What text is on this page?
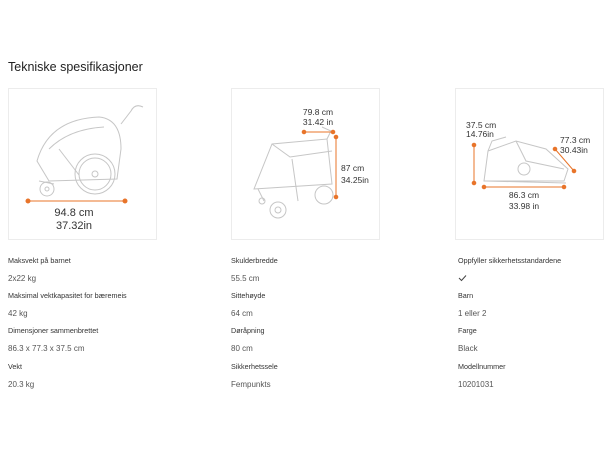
Tekniske spesifikasjoner
94.8 cm
37.32in
79.8 cm
31.42 in
87 cm
34.25in
37.5 cm
14.76in
77.3 cm
30.43in
86.3 cm
33.98 in
Maksvekt på barnet
2x22 kg
Maksimal vektkapasitet for bæremeis
42 kg
Dimensjoner sammenbrettet
86.3 x 77.3 x 37.5 cm
Vekt
20.3 kg
Skulderbredde
55.5 cm
Sittehøyde
64 cm
Døråpning
80 cm
Sikkerhetssele
Fempunkts
Oppfyller sikkerhetsstandardene
Barn
1 eller 2
Farge
Black
Modellnummer
10201031
